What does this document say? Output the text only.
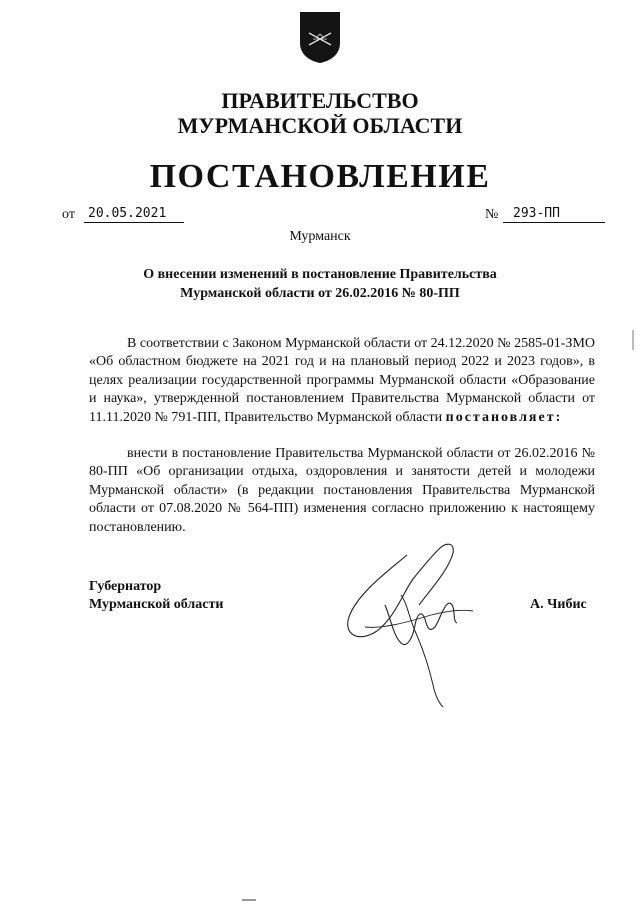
ПРАВИТЕЛЬСТВО
МУРМАНСКОЙ ОБЛАСТИ
ПОСТАНОВЛЕНИЕ
от	20.05.2021	№	293-ПП
Мурманск
О внесении изменений в постановление Правительства
Мурманской области от 26.02.2016 № 80-ПП

В соответствии с Законом Мурманской области от 24.12.2020 № 2585-01-ЗМО «Об областном бюджете на 2021 год и на плановый период 2022 и 2023 годов», в целях реализации государственной программы Мурманской области «Образование и наука», утвержденной постановлением Правительства Мурманской области от 11.11.2020 № 791-ПП, Правительство Мурманской области постановляет:

внести в постановление Правительства Мурманской области от 26.02.2016 № 80-ПП «Об организации отдыха, оздоровления и занятости детей и молодежи Мурманской области» (в редакции постановления Правительства Мурманской области от 07.08.2020 № 564-ПП) изменения согласно приложению к настоящему постановлению.

Губернатор
Мурманской области	А. Чибис
